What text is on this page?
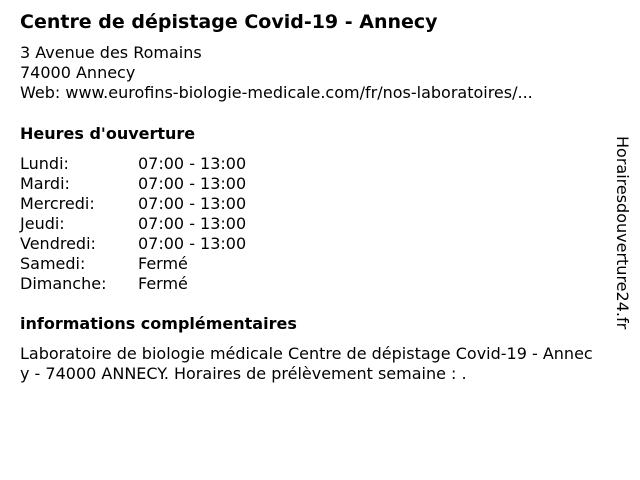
Centre de dépistage Covid-19 - Annecy
3 Avenue des Romains
74000 Annecy
Web: www.eurofins-biologie-medicale.com/fr/nos-laboratoires/...
Heures d'ouverture
Lundi:	07:00 - 13:00
Mardi:	07:00 - 13:00
Mercredi:	07:00 - 13:00
Jeudi:	07:00 - 13:00
Vendredi:	07:00 - 13:00
Samedi:	Fermé
Dimanche:	Fermé
informations complémentaires
Laboratoire de biologie médicale Centre de dépistage Covid-19 - Annecy - 74000 ANNECY. Horaires de prélèvement semaine : .
Horairesdouverture24.fr
